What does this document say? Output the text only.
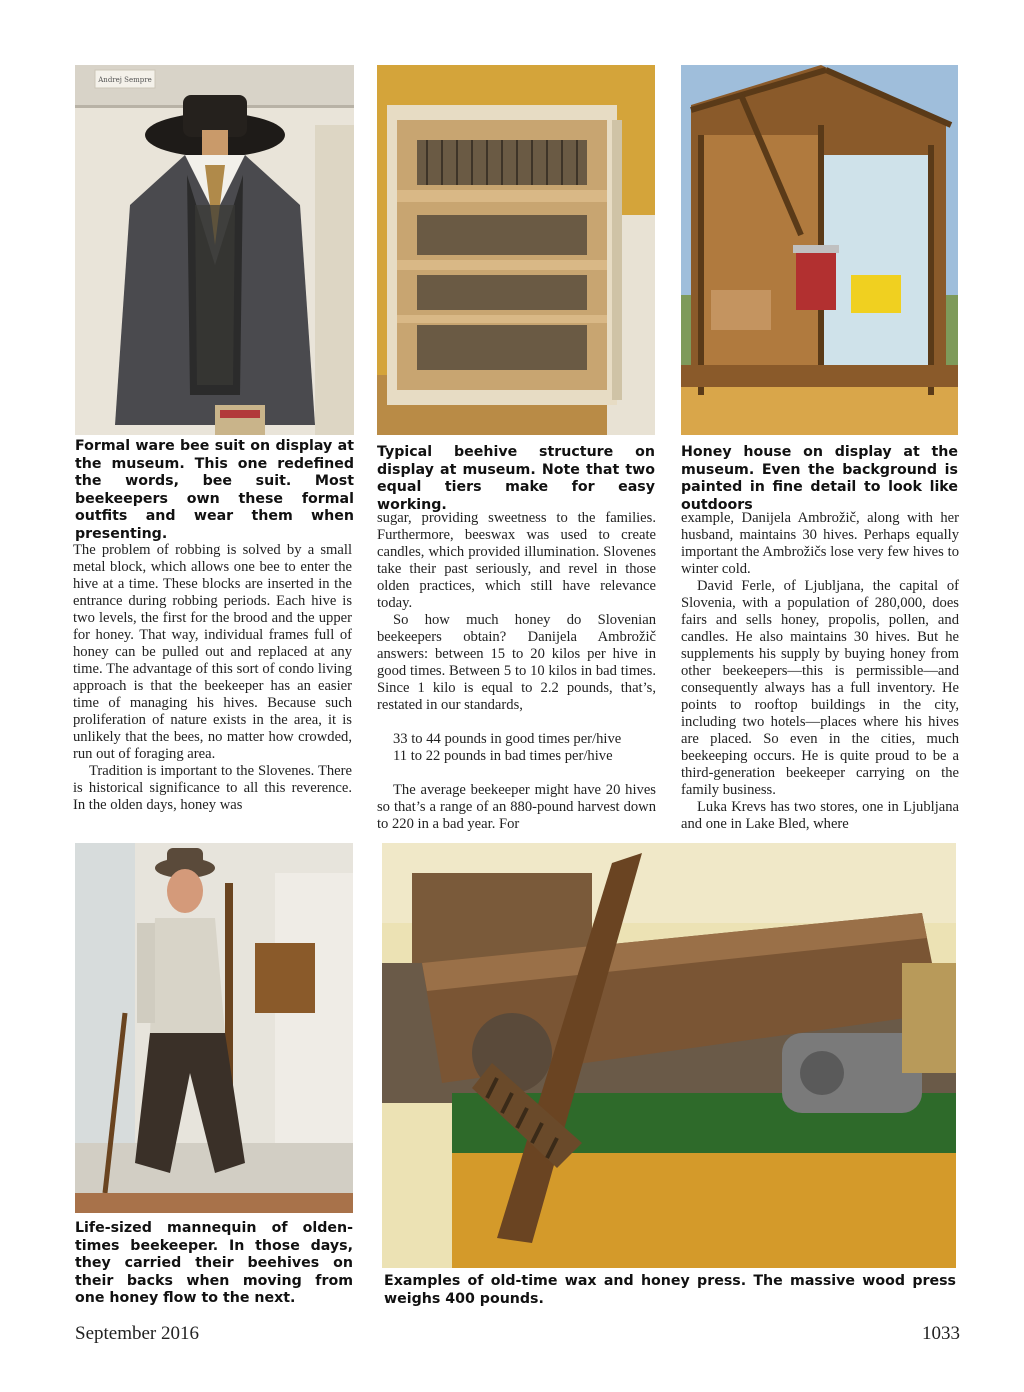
Andrej Sempre
Formal ware bee suit on display at the museum. This one redefined the words, bee suit. Most beekeepers own these formal outfits and wear them when presenting.
Typical beehive structure on display at museum. Note that two equal tiers make for easy working.
Honey house on display at the museum. Even the background is painted in fine detail to look like outdoors

The problem of robbing is solved by a small metal block, which allows one bee to enter the hive at a time. These blocks are inserted in the entrance during robbing periods. Each hive is two levels, the first for the brood and the upper for honey. That way, individual frames full of honey can be pulled out and replaced at any time. The advantage of this sort of condo living approach is that the beekeeper has an easier time of managing his hives. Because such proliferation of nature exists in the area, it is unlikely that the bees, no matter how crowded, run out of foraging area.

Tradition is important to the Slovenes. There is historical significance to all this reverence. In the olden days, honey was

sugar, providing sweetness to the families. Furthermore, beeswax was used to create candles, which provided illumination. Slovenes take their past seriously, and revel in those olden practices, which still have relevance today.

So how much honey do Slovenian beekeepers obtain? Danijela Ambrožič answers: between 15 to 20 kilos per hive in good times. Between 5 to 10 kilos in bad times. Since 1 kilo is equal to 2.2 pounds, that’s, restated in our standards,

33 to 44 pounds in good times per/hive

11 to 22 pounds in bad times per/hive

The average beekeeper might have 20 hives so that’s a range of an 880-pound harvest down to 220 in a bad year. For

example, Danijela Ambrožič, along with her husband, maintains 30 hives. Perhaps equally important the Ambrožičs lose very few hives to winter cold.

David Ferle, of Ljubljana, the capital of Slovenia, with a population of 280,000, does fairs and sells honey, propolis, pollen, and candles. He also maintains 30 hives. But he supplements his supply by buying honey from other beekeepers—this is permissible—and consequently always has a full inventory. He points to rooftop buildings in the city, including two hotels—places where his hives are placed. So even in the cities, much beekeeping occurs. He is quite proud to be a third-generation beekeeper carrying on the family business.

Luka Krevs has two stores, one in Ljubljana and one in Lake Bled, where

Life-sized mannequin of olden-times beekeeper. In those days, they carried their beehives on their backs when moving from one honey flow to the next.
Examples of old-time wax and honey press. The massive wood press weighs 400 pounds.
September 2016	1033
